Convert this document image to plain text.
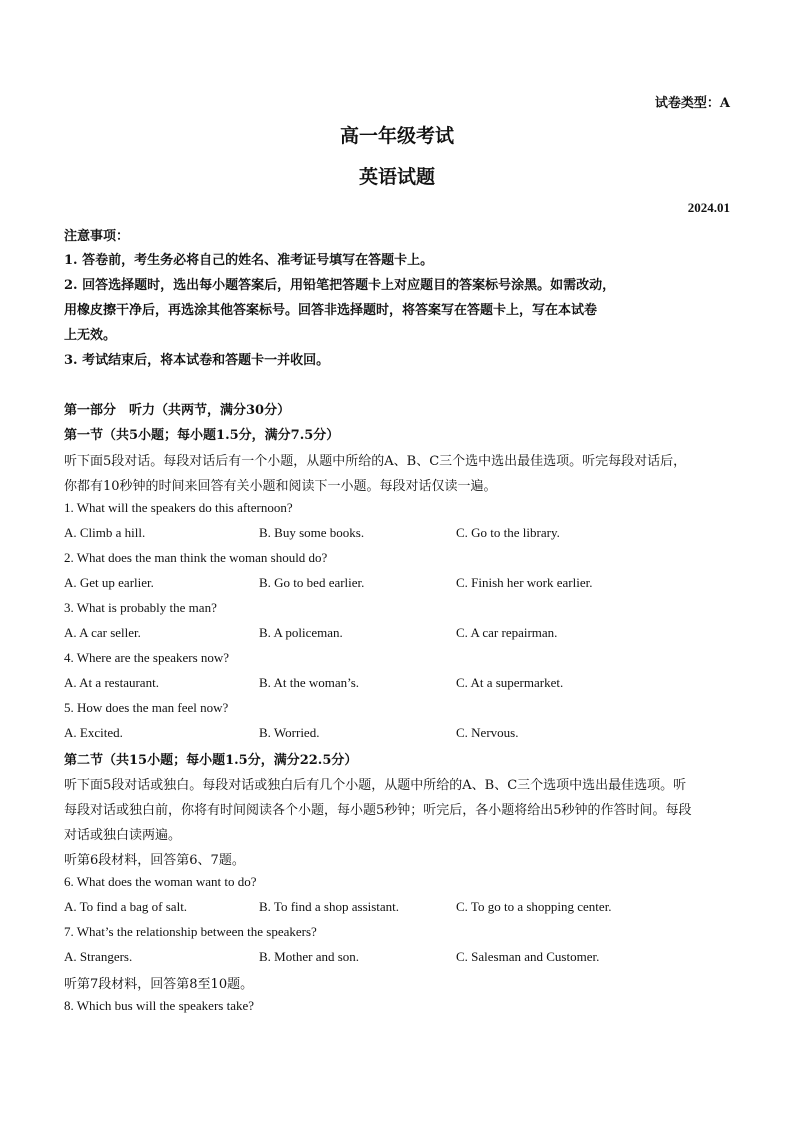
试卷类型：A
高一年级考试
英语试题
2024.01
注意事项：
1. 答卷前，考生务必将自己的姓名、准考证号填写在答题卡上。
2. 回答选择题时，选出每小题答案后，用铅笔把答题卡上对应题目的答案标号涂黑。如需改动，
用橡皮擦干净后，再选涂其他答案标号。回答非选择题时，将答案写在答题卡上，写在本试卷
上无效。
3. 考试结束后，将本试卷和答题卡一并收回。
第一部分　听力（共两节，满分30分）
第一节（共5小题；每小题1.5分，满分7.5分）
听下面5段对话。每段对话后有一个小题，从题中所给的A、B、C三个选中选出最佳选项。听完每段对话后，
你都有10秒钟的时间来回答有关小题和阅读下一小题。每段对话仅读一遍。
1. What will the speakers do this afternoon?
A. Climb a hill.	B. Buy some books.	C. Go to the library.
2. What does the man think the woman should do?
A. Get up earlier.	B. Go to bed earlier.	C. Finish her work earlier.
3. What is probably the man?
A. A car seller.	B. A policeman.	C. A car repairman.
4. Where are the speakers now?
A. At a restaurant.	B. At the woman’s.	C. At a supermarket.
5. How does the man feel now?
A. Excited.	B. Worried.	C. Nervous.
第二节（共15小题；每小题1.5分，满分22.5分）
听下面5段对话或独白。每段对话或独白后有几个小题，从题中所给的A、B、C三个选项中选出最佳选项。听
每段对话或独白前，你将有时间阅读各个小题，每小题5秒钟；听完后，各小题将给出5秒钟的作答时间。每段
对话或独白读两遍。
听第6段材料，回答第6、7题。
6. What does the woman want to do?
A. To find a bag of salt.	B. To find a shop assistant.	C. To go to a shopping center.
7. What’s the relationship between the speakers?
A. Strangers.	B. Mother and son.	C. Salesman and Customer.
听第7段材料，回答第8至10题。
8. Which bus will the speakers take?
